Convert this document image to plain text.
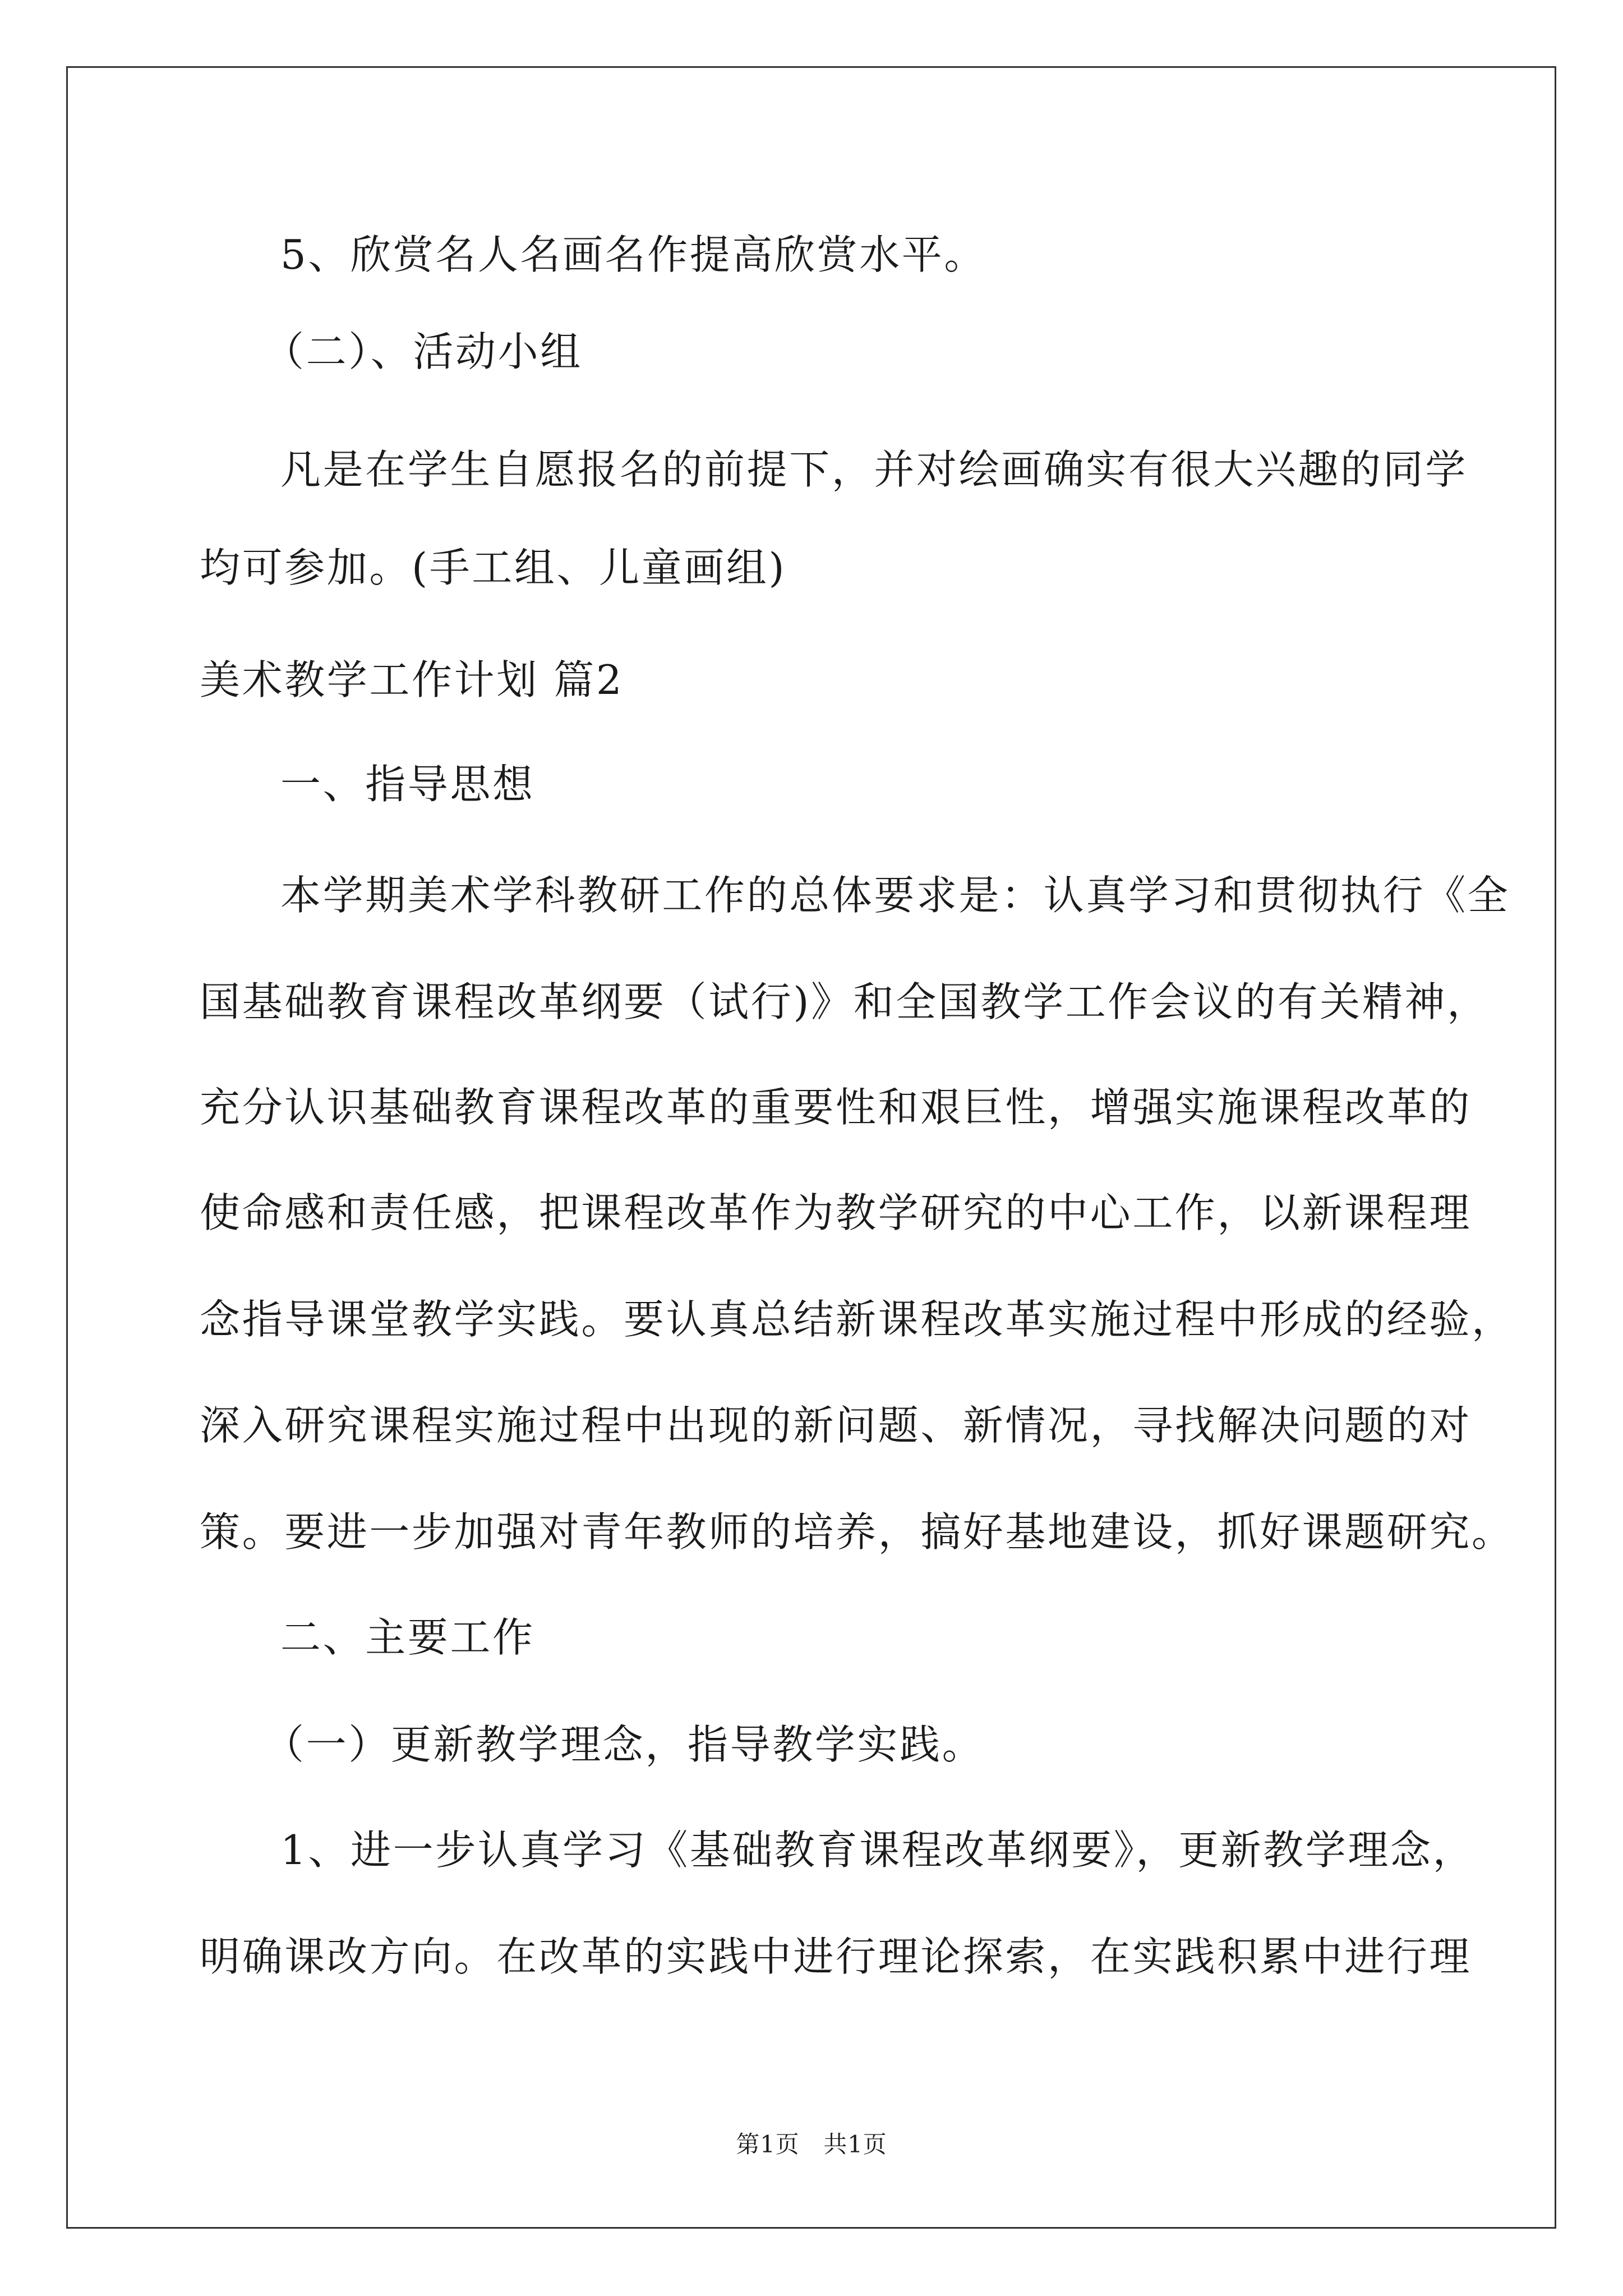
5、欣赏名人名画名作提高欣赏水平。

（二）、活动小组

凡是在学生自愿报名的前提下，并对绘画确实有很大兴趣的同学

均可参加。(手工组、儿童画组)

美术教学工作计划 篇2

一、指导思想

本学期美术学科教研工作的总体要求是：认真学习和贯彻执行《全

国基础教育课程改革纲要（试行)》和全国教学工作会议的有关精神，

充分认识基础教育课程改革的重要性和艰巨性，增强实施课程改革的

使命感和责任感，把课程改革作为教学研究的中心工作，以新课程理

念指导课堂教学实践。要认真总结新课程改革实施过程中形成的经验，

深入研究课程实施过程中出现的新问题、新情况，寻找解决问题的对

策。要进一步加强对青年教师的培养，搞好基地建设，抓好课题研究。

二、主要工作

（一）更新教学理念，指导教学实践。

1、进一步认真学习《基础教育课程改革纲要》，更新教学理念，

明确课改方向。在改革的实践中进行理论探索，在实践积累中进行理

第1页　共1页
